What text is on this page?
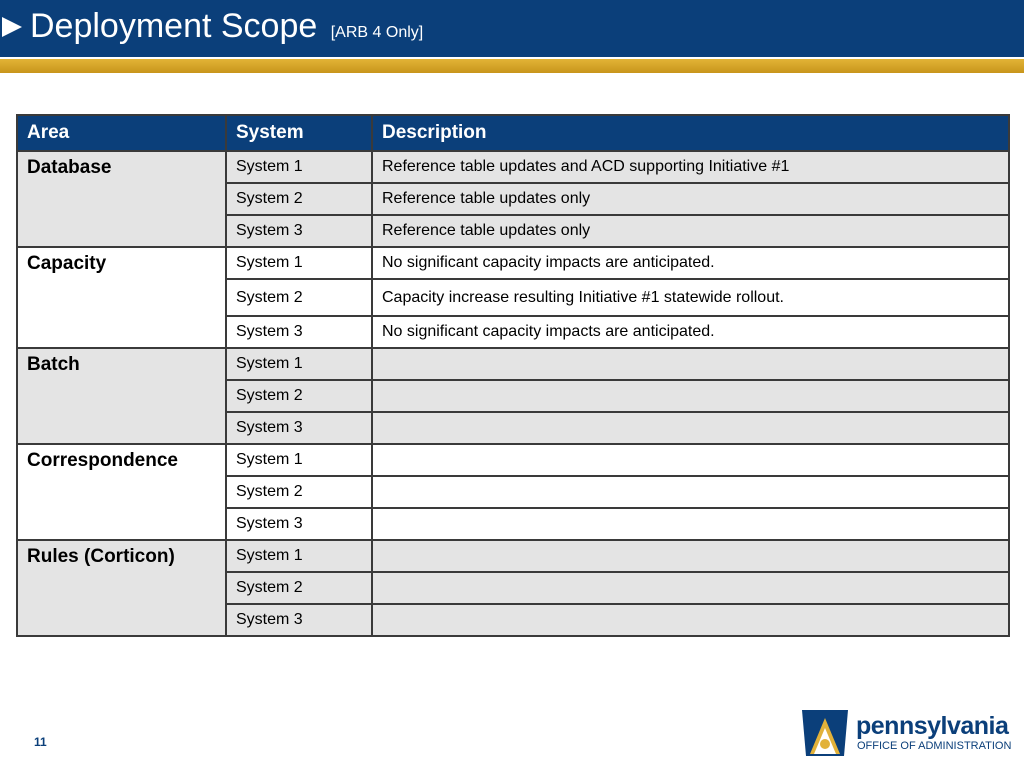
Deployment Scope [ARB 4 Only]
Area	System	Description
Database	System 1	Reference table updates and ACD supporting Initiative #1
	System 2	Reference table updates only
	System 3	Reference table updates only
Capacity	System 1	No significant capacity impacts are anticipated.
	System 2	Capacity increase resulting Initiative #1 statewide rollout.
	System 3	No significant capacity impacts are anticipated.
Batch	System 1	
	System 2	
	System 3	
Correspondence	System 1	
	System 2	
	System 3	
Rules (Corticon)	System 1	
	System 2	
	System 3	
11
pennsylvania
OFFICE OF ADMINISTRATION
